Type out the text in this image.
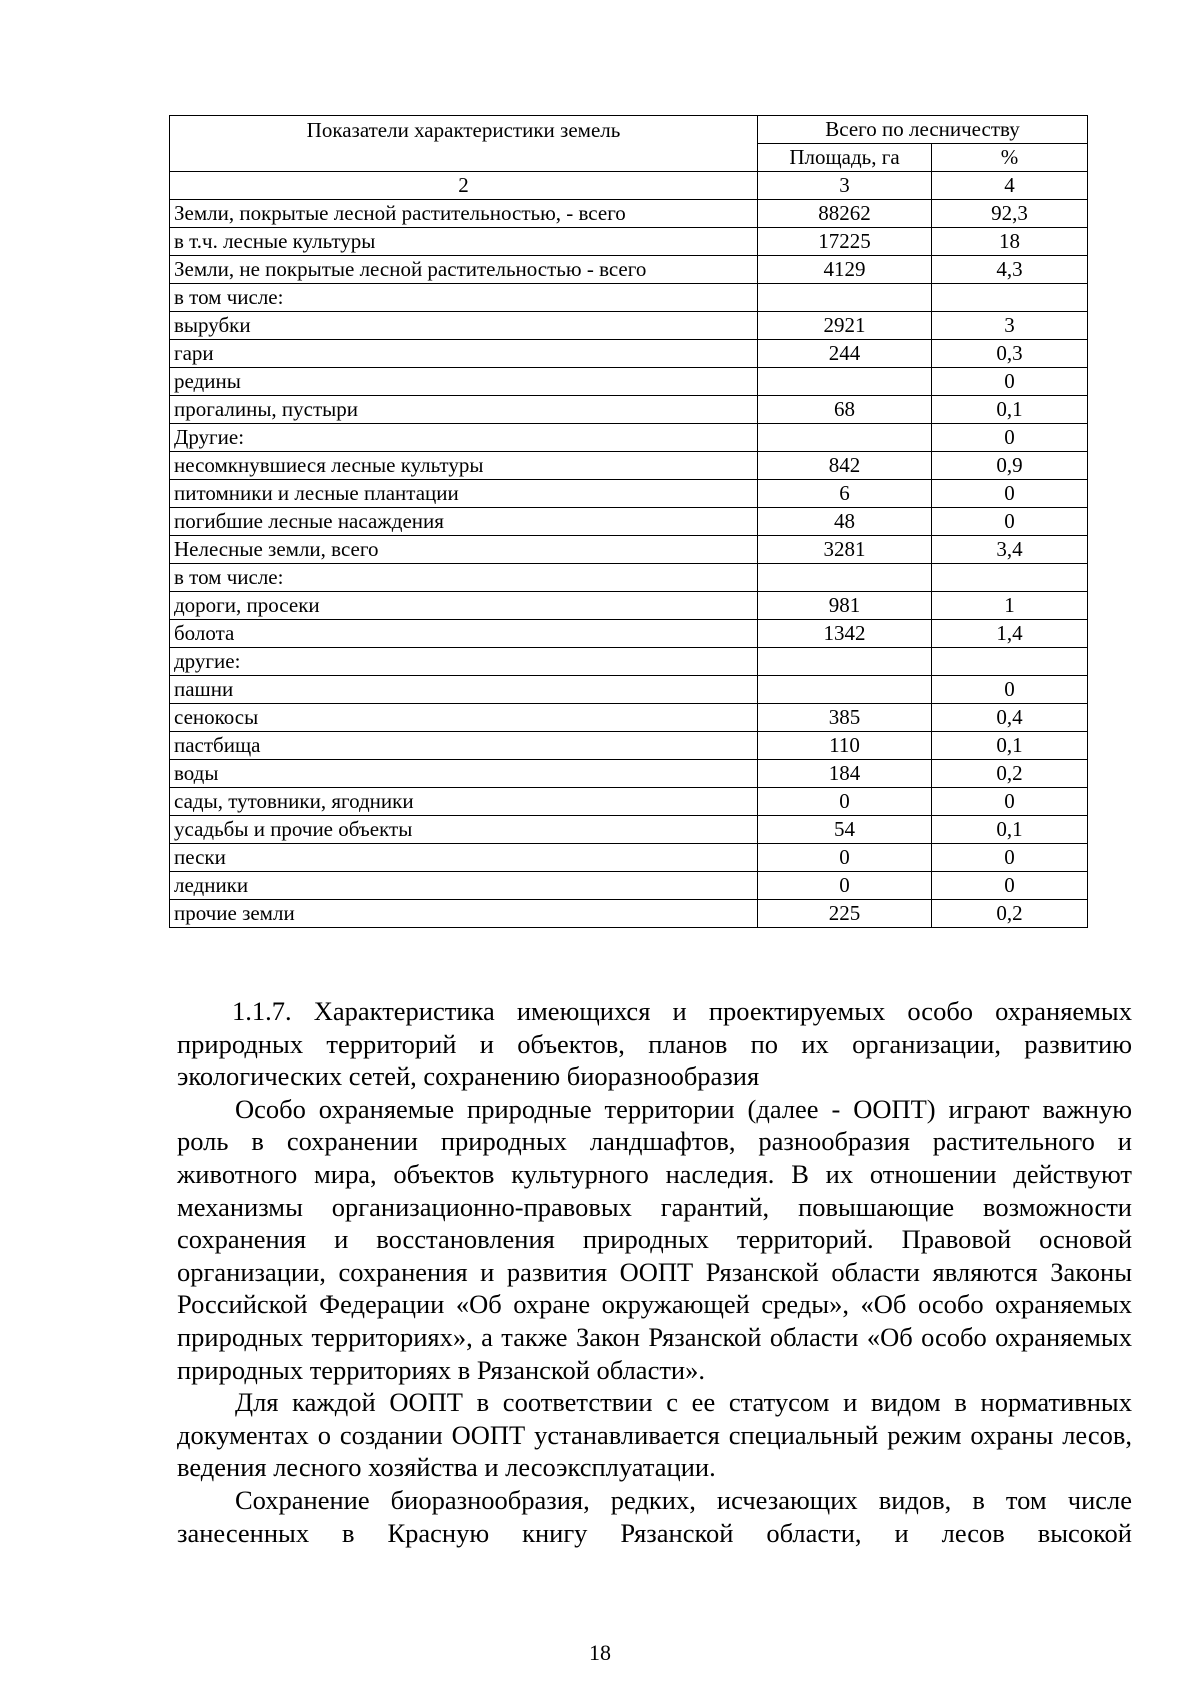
Показатели характеристики земель	Всего по лесничеству	
	Площадь, га	%
2	3	4
Земли, покрытые лесной растительностью, - всего	88262	92,3
в т.ч. лесные культуры	17225	18
Земли, не покрытые лесной растительностью - всего	4129	4,3
в том числе:		
вырубки	2921	3
гари	244	0,3
редины		0
прогалины, пустыри	68	0,1
Другие:		0
несомкнувшиеся лесные культуры	842	0,9
питомники и лесные плантации	6	0
погибшие лесные насаждения	48	0
Нелесные земли, всего	3281	3,4
в том числе:		
дороги, просеки	981	1
болота	1342	1,4
другие:		
пашни		0
сенокосы	385	0,4
пастбища	110	0,1
воды	184	0,2
сады, тутовники, ягодники	0	0
усадьбы и прочие объекты	54	0,1
пески	0	0
ледники	0	0
прочие земли	225	0,2

1.1.7. Характеристика имеющихся и проектируемых особо охраняемых природных территорий и объектов, планов по их организации, развитию экологических сетей, сохранению биоразнообразия

Особо охраняемые природные территории (далее - ООПТ) играют важную роль в сохранении природных ландшафтов, разнообразия растительного и животного мира, объектов культурного наследия. В их отношении действуют механизмы организационно-правовых гарантий, повышающие возможности сохранения и восстановления природных территорий. Правовой основой организации, сохранения и развития ООПТ Рязанской области являются Законы Российской Федерации «Об охране окружающей среды», «Об особо охраняемых природных территориях», а также Закон Рязанской области «Об особо охраняемых природных территориях в Рязанской области».

Для каждой ООПТ в соответствии с ее статусом и видом в нормативных документах о создании ООПТ устанавливается специальный режим охраны лесов, ведения лесного хозяйства и лесоэксплуатации.

Сохранение биоразнообразия, редких, исчезающих видов, в том числе занесенных в Красную книгу Рязанской области, и лесов высокой

18
